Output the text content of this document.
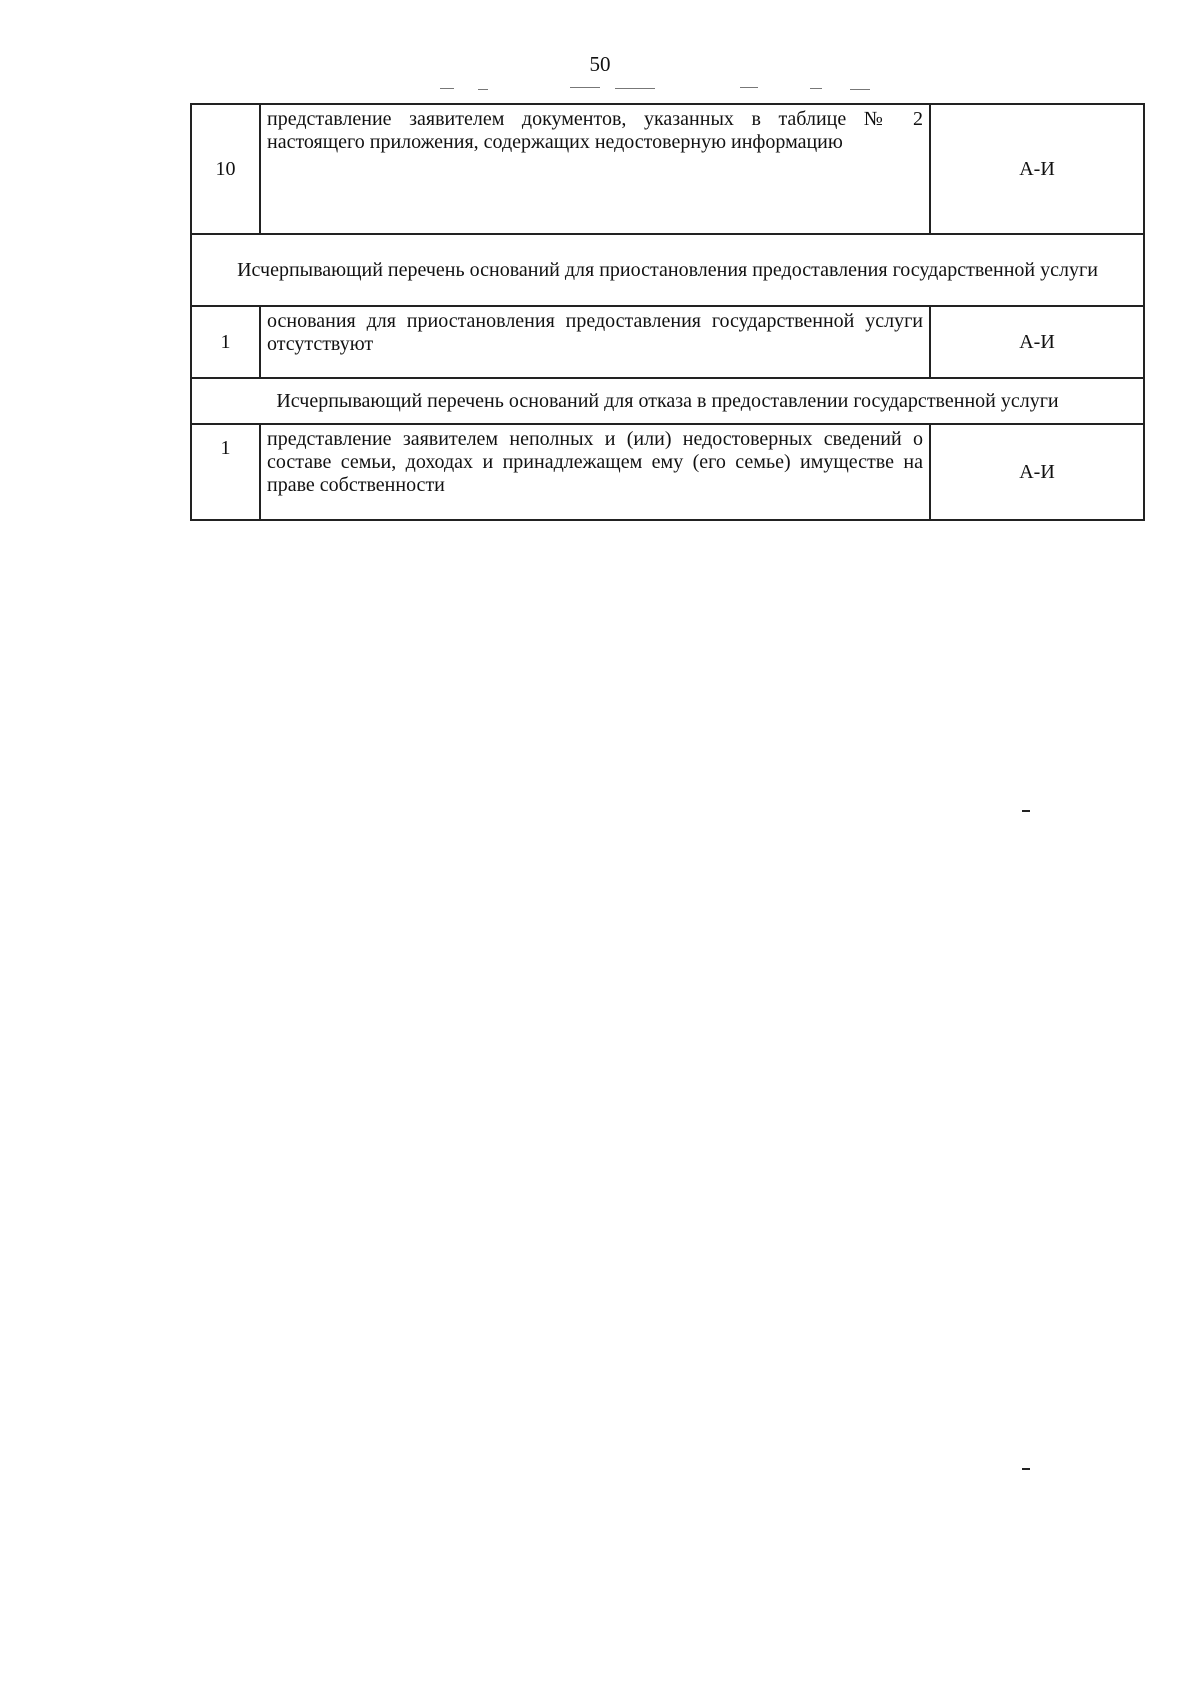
50
10	представление заявителем документов, указанных в таблице № 2 настоящего приложения, содержащих недостоверную информацию	А-И
Исчерпывающий перечень оснований для приостановления предоставления государственной услуги		
1	основания для приостановления предоставления государственной услуги отсутствуют	А-И
Исчерпывающий перечень оснований для отказа в предоставлении государственной услуги		
1	представление заявителем неполных и (или) недостоверных сведений о составе семьи, доходах и принадлежащем ему (его семье) имуществе на праве собственности	А-И
